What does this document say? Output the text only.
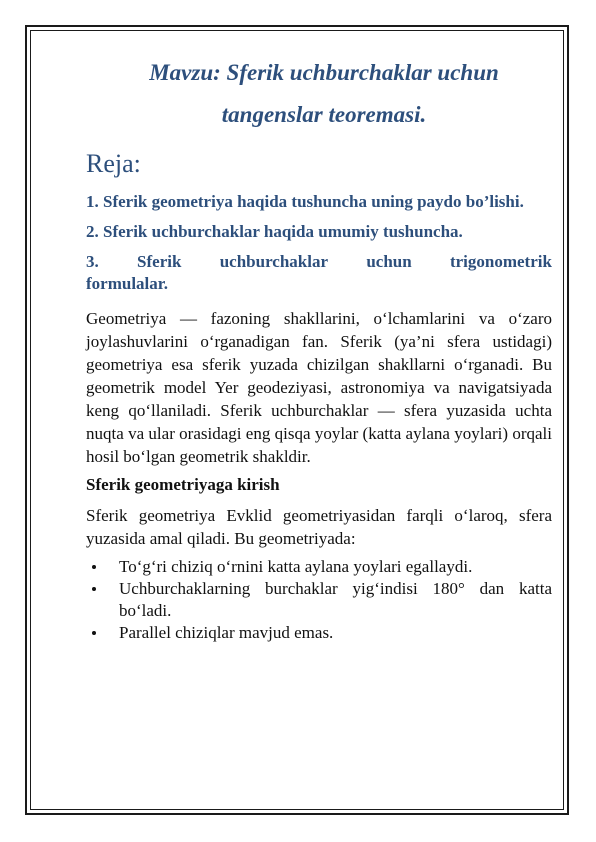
Mavzu: Sferik uchburchaklar uchun
tangenslar teoremasi.
Reja:

1. Sferik geometriya haqida tushuncha uning paydo bo’lishi.

2. Sferik uchburchaklar haqida umumiy tushuncha.

3. Sferik uchburchaklar uchun trigonometrik

formulalar.

Geometriya — fazoning shakllarini, o‘lchamlarini va o‘zaro joylashuvlarini o‘rganadigan fan. Sferik (ya’ni sfera ustidagi) geometriya esa sferik yuzada chizilgan shakllarni o‘rganadi. Bu geometrik model Yer geodeziyasi, astronomiya va navigatsiyada keng qo‘llaniladi. Sferik uchburchaklar — sfera yuzasida uchta nuqta va ular orasidagi eng qisqa yoylar (katta aylana yoylari) orqali hosil bo‘lgan geometrik shakldir.

Sferik geometriyaga kirish

Sferik geometriya Evklid geometriyasidan farqli o‘laroq, sfera yuzasida amal qiladi. Bu geometriyada:

To‘g‘ri chiziq o‘rnini katta aylana yoylari egallaydi.
Uchburchaklarning burchaklar yig‘indisi 180° dan katta bo‘ladi.
Parallel chiziqlar mavjud emas.
